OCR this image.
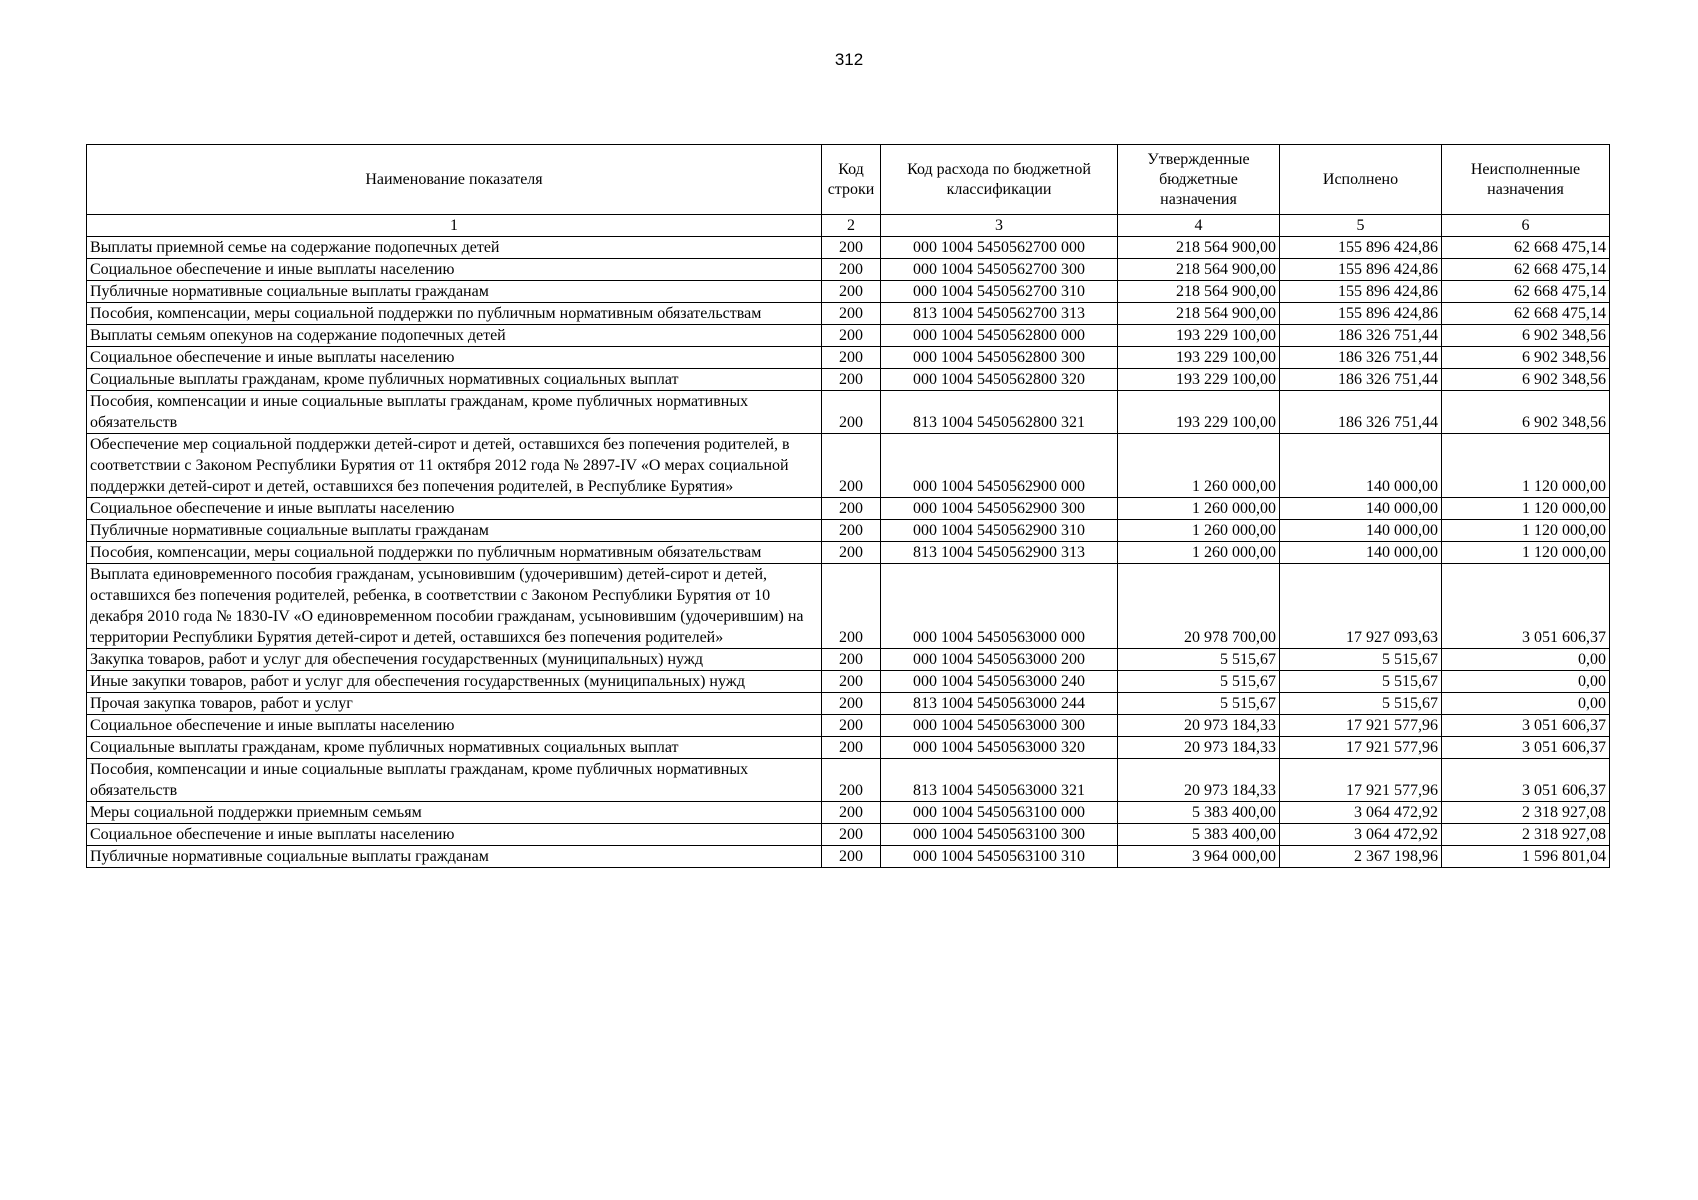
312
Наименование показателя	Код строки	Код расхода по бюджетной классификации	Утвержденные бюджетные назначения	Исполнено	Неисполненные назначения
1	2	3	4	5	6
Выплаты приемной семье на содержание подопечных детей	200	000 1004 5450562700 000	218 564 900,00	155 896 424,86	62 668 475,14
Социальное обеспечение и иные выплаты населению	200	000 1004 5450562700 300	218 564 900,00	155 896 424,86	62 668 475,14
Публичные нормативные социальные выплаты гражданам	200	000 1004 5450562700 310	218 564 900,00	155 896 424,86	62 668 475,14
Пособия, компенсации, меры социальной поддержки по публичным нормативным обязательствам	200	813 1004 5450562700 313	218 564 900,00	155 896 424,86	62 668 475,14
Выплаты семьям опекунов на содержание подопечных детей	200	000 1004 5450562800 000	193 229 100,00	186 326 751,44	6 902 348,56
Социальное обеспечение и иные выплаты населению	200	000 1004 5450562800 300	193 229 100,00	186 326 751,44	6 902 348,56
Социальные выплаты гражданам, кроме публичных нормативных социальных выплат	200	000 1004 5450562800 320	193 229 100,00	186 326 751,44	6 902 348,56
Пособия, компенсации и иные социальные выплаты гражданам, кроме публичных нормативных обязательств	200	813 1004 5450562800 321	193 229 100,00	186 326 751,44	6 902 348,56
Обеспечение мер социальной поддержки детей-сирот и детей, оставшихся без попечения родителей, в соответствии с Законом Республики Бурятия от 11 октября 2012 года № 2897-IV «О мерах социальной поддержки детей-сирот и детей, оставшихся без попечения родителей, в Республике Бурятия»	200	000 1004 5450562900 000	1 260 000,00	140 000,00	1 120 000,00
Социальное обеспечение и иные выплаты населению	200	000 1004 5450562900 300	1 260 000,00	140 000,00	1 120 000,00
Публичные нормативные социальные выплаты гражданам	200	000 1004 5450562900 310	1 260 000,00	140 000,00	1 120 000,00
Пособия, компенсации, меры социальной поддержки по публичным нормативным обязательствам	200	813 1004 5450562900 313	1 260 000,00	140 000,00	1 120 000,00
Выплата единовременного пособия гражданам, усыновившим (удочерившим) детей-сирот и детей, оставшихся без попечения родителей, ребенка, в соответствии с Законом Республики Бурятия от 10 декабря 2010 года № 1830-IV «О единовременном пособии гражданам, усыновившим (удочерившим) на территории Республики Бурятия детей-сирот и детей, оставшихся без попечения родителей»	200	000 1004 5450563000 000	20 978 700,00	17 927 093,63	3 051 606,37
Закупка товаров, работ и услуг для обеспечения государственных (муниципальных) нужд	200	000 1004 5450563000 200	5 515,67	5 515,67	0,00
Иные закупки товаров, работ и услуг для обеспечения государственных (муниципальных) нужд	200	000 1004 5450563000 240	5 515,67	5 515,67	0,00
Прочая закупка товаров, работ и услуг	200	813 1004 5450563000 244	5 515,67	5 515,67	0,00
Социальное обеспечение и иные выплаты населению	200	000 1004 5450563000 300	20 973 184,33	17 921 577,96	3 051 606,37
Социальные выплаты гражданам, кроме публичных нормативных социальных выплат	200	000 1004 5450563000 320	20 973 184,33	17 921 577,96	3 051 606,37
Пособия, компенсации и иные социальные выплаты гражданам, кроме публичных нормативных обязательств	200	813 1004 5450563000 321	20 973 184,33	17 921 577,96	3 051 606,37
Меры социальной поддержки приемным семьям	200	000 1004 5450563100 000	5 383 400,00	3 064 472,92	2 318 927,08
Социальное обеспечение и иные выплаты населению	200	000 1004 5450563100 300	5 383 400,00	3 064 472,92	2 318 927,08
Публичные нормативные социальные выплаты гражданам	200	000 1004 5450563100 310	3 964 000,00	2 367 198,96	1 596 801,04
